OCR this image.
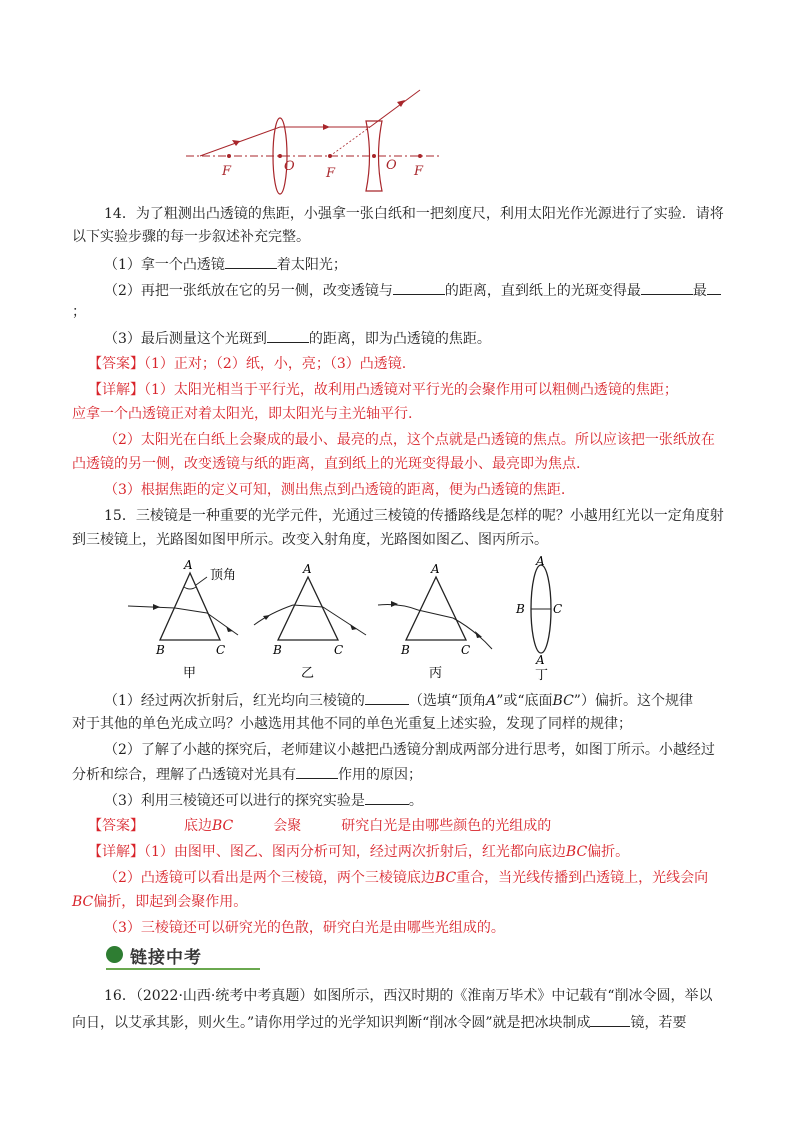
F	O F
O F
14．为了粗测出凸透镜的焦距，小强拿一张白纸和一把刻度尺，利用太阳光作光源进行了实验．请将
以下实验步骤的每一步叙述补充完整。
（1）拿一个凸透镜	着太阳光；
（2）再把一张纸放在它的另一侧，改变透镜与	的距离，直到纸上的光斑变得最	最
；
（3）最后测量这个光斑到	的距离，即为凸透镜的焦距。
【答案】（1）正对；（2）纸，小，亮；（3）凸透镜.
【详解】（1）太阳光相当于平行光，故利用凸透镜对平行光的会聚作用可以粗侧凸透镜的焦距；
应拿一个凸透镜正对着太阳光，即太阳光与主光轴平行.
（2）太阳光在白纸上会聚成的最小、最亮的点，这个点就是凸透镜的焦点。所以应该把一张纸放在
凸透镜的另一侧，改变透镜与纸的距离，直到纸上的光斑变得最小、最亮即为焦点.
（3）根据焦距的定义可知，测出焦点到凸透镜的距离，便为凸透镜的焦距.
15．三棱镜是一种重要的光学元件，光通过三棱镜的传播路线是怎样的呢？小越用红光以一定角度射
到三棱镜上，光路图如图甲所示。改变入射角度，光路图如图乙、图丙所示。
A
顶角
B	C
甲
A
B	C
乙
A
B	C
丙
A
B C
A
丁
（1）经过两次折射后，红光均向三棱镜的	（选填“顶角A”或“底面BC”）偏折。这个规律
对于其他的单色光成立吗？小越选用其他不同的单色光重复上述实验，发现了同样的规律；
（2）了解了小越的探究后，老师建议小越把凸透镜分割成两部分进行思考，如图丁所示。小越经过
分析和综合，理解了凸透镜对光具有	作用的原因；
（3）利用三棱镜还可以进行的探究实验是	。
【答案】	底边BC	会聚	研究白光是由哪些颜色的光组成的
【详解】（1）由图甲、图乙、图丙分析可知，经过两次折射后，红光都向底边BC偏折。
（2）凸透镜可以看出是两个三棱镜，两个三棱镜底边BC重合，当光线传播到凸透镜上，光线会向
BC偏折，即起到会聚作用。
（3）三棱镜还可以研究光的色散，研究白光是由哪些光组成的。
链接中考
16．（2022·山西·统考中考真题）如图所示，西汉时期的《淮南万毕术》中记载有“削冰令圆，举以
向日，以艾承其影，则火生。”请你用学过的光学知识判断“削冰令圆”就是把冰块制成	镜，若要
